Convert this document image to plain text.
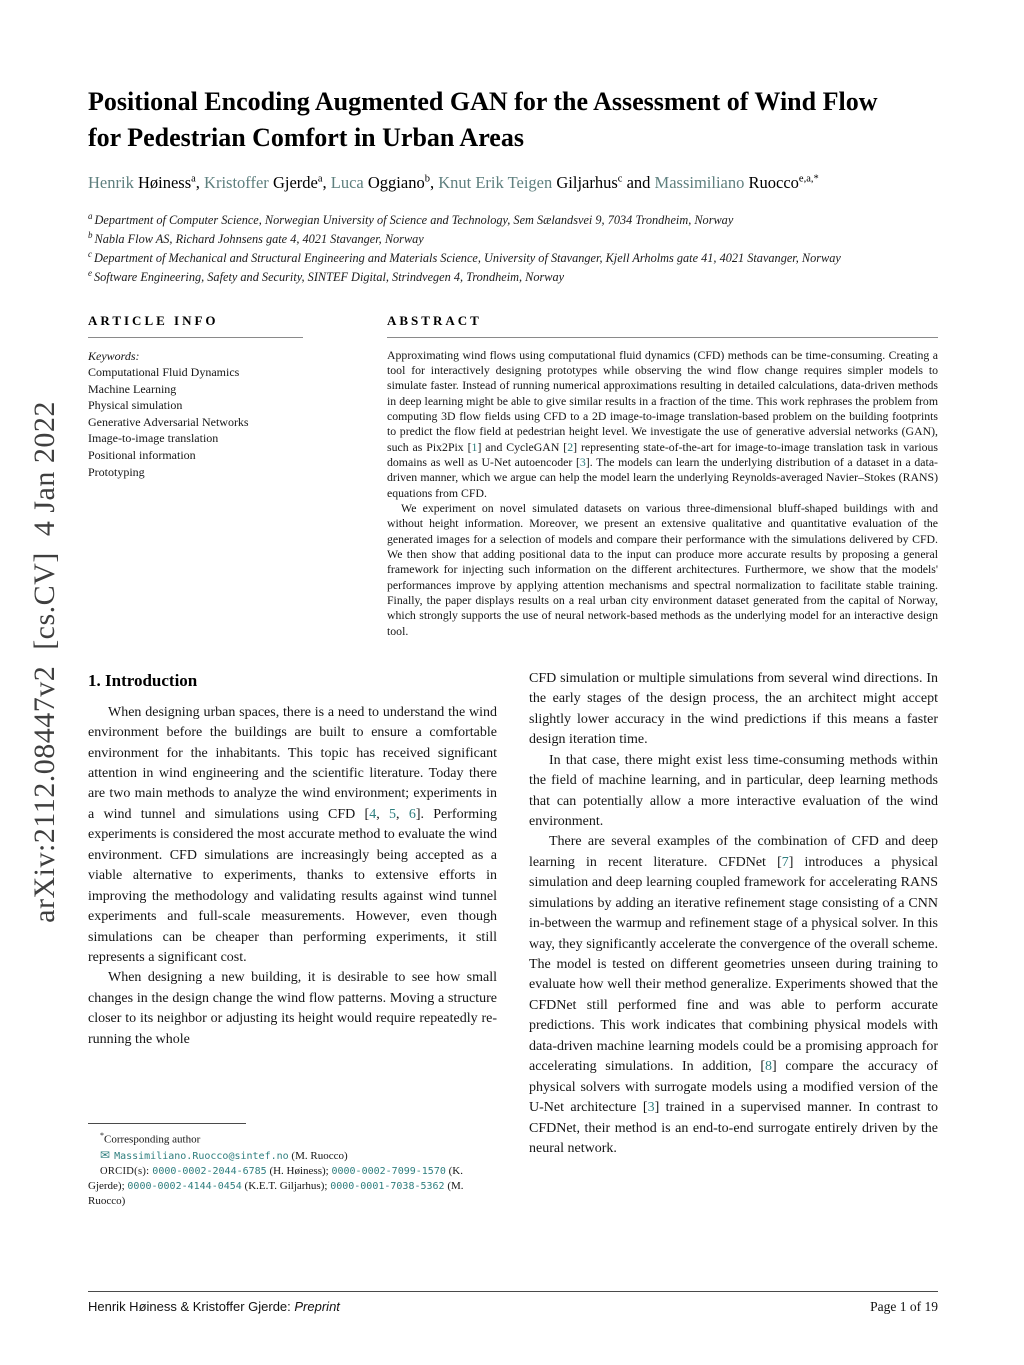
arXiv:2112.08447v2  [cs.CV]  4 Jan 2022
Positional Encoding Augmented GAN for the Assessment of Wind Flow for Pedestrian Comfort in Urban Areas
Henrik Høiness$^a$, Kristoffer Gjerde$^a$, Luca Oggiano$^b$, Knut Erik Teigen Giljarhus$^c$ and Massimiliano Ruocco$^{e,a,*}$
$^a$ Department of Computer Science, Norwegian University of Science and Technology, Sem Sælandsvei 9, 7034 Trondheim, Norway
$^b$ Nabla Flow AS, Richard Johnsens gate 4, 4021 Stavanger, Norway
$^c$ Department of Mechanical and Structural Engineering and Materials Science, University of Stavanger, Kjell Arholms gate 41, 4021 Stavanger, Norway
$^e$ Software Engineering, Safety and Security, SINTEF Digital, Strindvegen 4, Trondheim, Norway
ARTICLE INFO
Keywords:
Computational Fluid Dynamics
Machine Learning
Physical simulation
Generative Adversarial Networks
Image-to-image translation
Positional information
Prototyping
ABSTRACT

Approximating wind flows using computational fluid dynamics (CFD) methods can be time-consuming. Creating a tool for interactively designing prototypes while observing the wind flow change requires simpler models to simulate faster. Instead of running numerical approximations resulting in detailed calculations, data-driven methods in deep learning might be able to give similar results in a fraction of the time. This work rephrases the problem from computing 3D flow fields using CFD to a 2D image-to-image translation-based problem on the building footprints to predict the flow field at pedestrian height level. We investigate the use of generative adversial networks (GAN), such as Pix2Pix [1] and CycleGAN [2] representing state-of-the-art for image-to-image translation task in various domains as well as U-Net autoencoder [3]. The models can learn the underlying distribution of a dataset in a data-driven manner, which we argue can help the model learn the underlying Reynolds-averaged Navier–Stokes (RANS) equations from CFD.

We experiment on novel simulated datasets on various three-dimensional bluff-shaped buildings with and without height information. Moreover, we present an extensive qualitative and quantitative evaluation of the generated images for a selection of models and compare their performance with the simulations delivered by CFD. We then show that adding positional data to the input can produce more accurate results by proposing a general framework for injecting such information on the different architectures. Furthermore, we show that the models' performances improve by applying attention mechanisms and spectral normalization to facilitate stable training. Finally, the paper displays results on a real urban city environment dataset generated from the capital of Norway, which strongly supports the use of neural network-based methods as the underlying model for an interactive design tool.

1. Introduction

When designing urban spaces, there is a need to understand the wind environment before the buildings are built to ensure a comfortable environment for the inhabitants. This topic has received significant attention in wind engineering and the scientific literature. Today there are two main methods to analyze the wind environment; experiments in a wind tunnel and simulations using CFD [4, 5, 6]. Performing experiments is considered the most accurate method to evaluate the wind environment. CFD simulations are increasingly being accepted as a viable alternative to experiments, thanks to extensive efforts in improving the methodology and validating results against wind tunnel experiments and full-scale measurements. However, even though simulations can be cheaper than performing experiments, it still represents a significant cost.

When designing a new building, it is desirable to see how small changes in the design change the wind flow patterns. Moving a structure closer to its neighbor or adjusting its height would require repeatedly re-running the whole

*Corresponding author
✉ Massimiliano.Ruocco@sintef.no (M. Ruocco)
ORCID(s): 0000-0002-2044-6785 (H. Høiness); 0000-0002-7099-1570 (K. Gjerde); 0000-0002-4144-0454 (K.E.T. Giljarhus); 0000-0001-7038-5362 (M. Ruocco)

CFD simulation or multiple simulations from several wind directions. In the early stages of the design process, the an architect might accept slightly lower accuracy in the wind predictions if this means a faster design iteration time.

In that case, there might exist less time-consuming methods within the field of machine learning, and in particular, deep learning methods that can potentially allow a more interactive evaluation of the wind environment.

There are several examples of the combination of CFD and deep learning in recent literature. CFDNet [7] introduces a physical simulation and deep learning coupled framework for accelerating RANS simulations by adding an iterative refinement stage consisting of a CNN in-between the warmup and refinement stage of a physical solver. In this way, they significantly accelerate the convergence of the overall scheme. The model is tested on different geometries unseen during training to evaluate how well their method generalize. Experiments showed that the CFDNet still performed fine and was able to perform accurate predictions. This work indicates that combining physical models with data-driven machine learning models could be a promising approach for accelerating simulations. In addition, [8] compare the accuracy of physical solvers with surrogate models using a modified version of the U-Net architecture [3] trained in a supervised manner. In contrast to CFDNet, their method is an end-to-end surrogate entirely driven by the neural network.

Henrik Høiness & Kristoffer Gjerde: Preprint	Page 1 of 19
